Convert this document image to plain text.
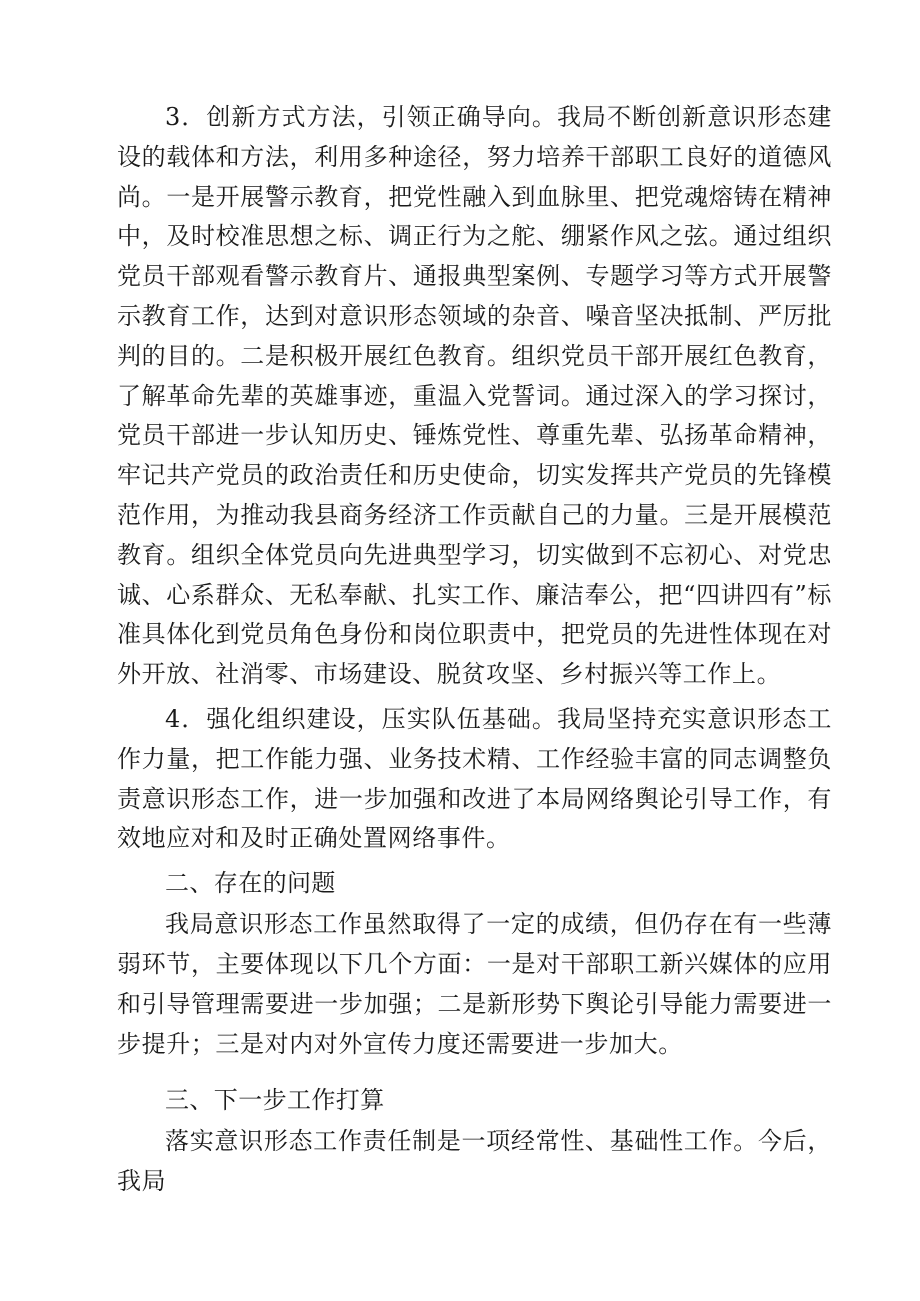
3．创新方式方法，引领正确导向。我局不断创新意识形态建设的载体和方法，利用多种途径，努力培养干部职工良好的道德风尚。一是开展警示教育，把党性融入到血脉里、把党魂熔铸在精神中，及时校准思想之标、调正行为之舵、绷紧作风之弦。通过组织党员干部观看警示教育片、通报典型案例、专题学习等方式开展警示教育工作，达到对意识形态领域的杂音、噪音坚决抵制、严厉批判的目的。二是积极开展红色教育。组织党员干部开展红色教育，了解革命先辈的英雄事迹，重温入党誓词。通过深入的学习探讨，党员干部进一步认知历史、锤炼党性、尊重先辈、弘扬革命精神，牢记共产党员的政治责任和历史使命，切实发挥共产党员的先锋模范作用，为推动我县商务经济工作贡献自己的力量。三是开展模范教育。组织全体党员向先进典型学习，切实做到不忘初心、对党忠诚、心系群众、无私奉献、扎实工作、廉洁奉公，把“四讲四有”标准具体化到党员角色身份和岗位职责中，把党员的先进性体现在对外开放、社消零、市场建设、脱贫攻坚、乡村振兴等工作上。

4．强化组织建设，压实队伍基础。我局坚持充实意识形态工作力量，把工作能力强、业务技术精、工作经验丰富的同志调整负责意识形态工作，进一步加强和改进了本局网络舆论引导工作，有效地应对和及时正确处置网络事件。

二、存在的问题

我局意识形态工作虽然取得了一定的成绩，但仍存在有一些薄弱环节，主要体现以下几个方面：一是对干部职工新兴媒体的应用和引导管理需要进一步加强；二是新形势下舆论引导能力需要进一步提升；三是对内对外宣传力度还需要进一步加大。

三、下一步工作打算

落实意识形态工作责任制是一项经常性、基础性工作。今后，我局
